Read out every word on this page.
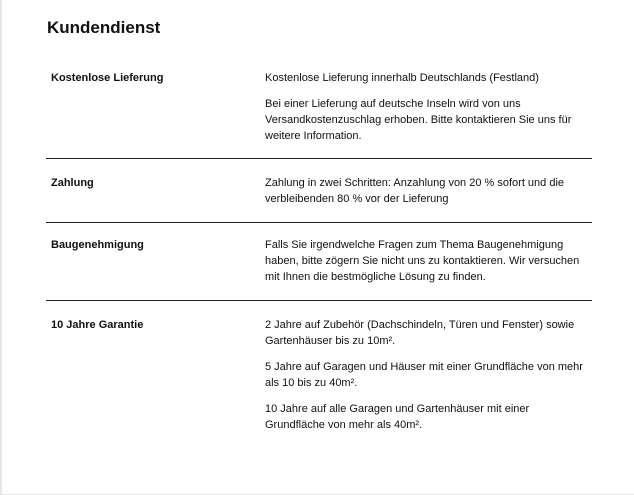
Kundendienst
Kostenlose Lieferung	Kostenlose Lieferung innerhalb Deutschlands (Festland)

Bei einer Lieferung auf deutsche Inseln wird von uns Versandkostenzuschlag erhoben. Bitte kontaktieren Sie uns für weitere Information.

Zahlung	Zahlung in zwei Schritten: Anzahlung von 20 % sofort und die verbleibenden 80 % vor der Lieferung

Baugenehmigung	Falls Sie irgendwelche Fragen zum Thema Baugenehmigung haben, bitte zögern Sie nicht uns zu kontaktieren. Wir versuchen mit Ihnen die bestmögliche Lösung zu finden.

10 Jahre Garantie	2 Jahre auf Zubehör (Dachschindeln, Türen und Fenster) sowie Gartenhäuser bis zu 10m².

5 Jahre auf Garagen und Häuser mit einer Grundfläche von mehr als 10 bis zu 40m².

10 Jahre auf alle Garagen und Gartenhäuser mit einer Grundfläche von mehr als 40m².
